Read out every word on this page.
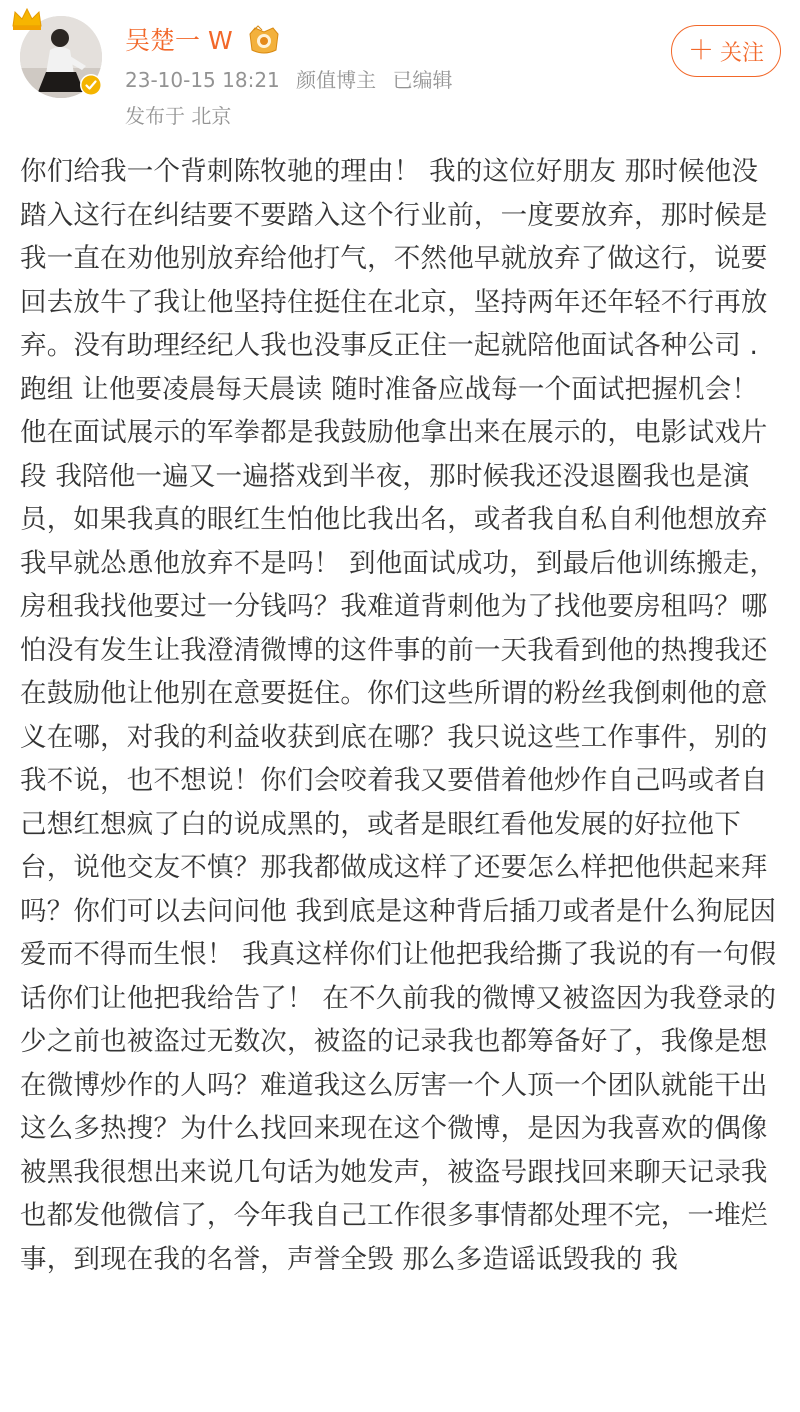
吴楚一 W
23-10-15 18:21 颜值博主 已编辑
发布于 北京
＋ 关注
你们给我一个背刺陈牧驰的理由！ 我的这位好朋友 那时候他没踏入这行在纠结要不要踏入这个行业前，一度要放弃，那时候是我一直在劝他别放弃给他打气，不然他早就放弃了做这行，说要回去放牛了我让他坚持住挺住在北京，坚持两年还年轻不行再放弃。没有助理经纪人我也没事反正住一起就陪他面试各种公司 .跑组 让他要凌晨每天晨读 随时准备应战每一个面试把握机会！ 他在面试展示的军拳都是我鼓励他拿出来在展示的，电影试戏片段 我陪他一遍又一遍搭戏到半夜，那时候我还没退圈我也是演员，如果我真的眼红生怕他比我出名，或者我自私自利他想放弃我早就怂恿他放弃不是吗！ 到他面试成功，到最后他训练搬走，房租我找他要过一分钱吗？我难道背刺他为了找他要房租吗？哪怕没有发生让我澄清微博的这件事的前一天我看到他的热搜我还在鼓励他让他别在意要挺住。你们这些所谓的粉丝我倒刺他的意义在哪，对我的利益收获到底在哪？我只说这些工作事件，别的我不说，也不想说！你们会咬着我又要借着他炒作自己吗或者自己想红想疯了白的说成黑的，或者是眼红看他发展的好拉他下台，说他交友不慎？那我都做成这样了还要怎么样把他供起来拜吗？你们可以去问问他 我到底是这种背后插刀或者是什么狗屁因爱而不得而生恨！ 我真这样你们让他把我给撕了我说的有一句假话你们让他把我给告了！ 在不久前我的微博又被盗因为我登录的少之前也被盗过无数次，被盗的记录我也都筹备好了，我像是想在微博炒作的人吗？难道我这么厉害一个人顶一个团队就能干出这么多热搜？为什么找回来现在这个微博，是因为我喜欢的偶像被黑我很想出来说几句话为她发声，被盗号跟找回来聊天记录我也都发他微信了，今年我自己工作很多事情都处理不完，一堆烂事，到现在我的名誉，声誉全毁 那么多造谣诋毁我的 我
